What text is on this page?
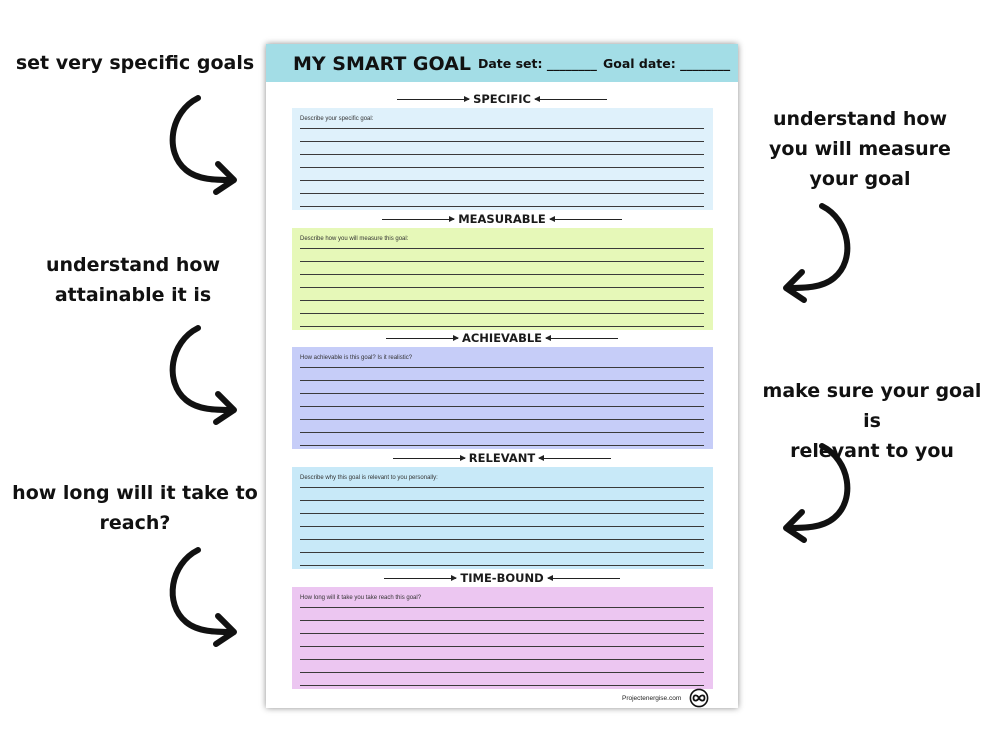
set very specific goals
understand how
you will measure
your goal
understand how
attainable it is
make sure your goal is
relevant to you
how long will it take to
reach?
MY SMART GOAL Date set: ________ Goal date: ________
SPECIFIC
Describe your specific goal:
MEASURABLE
Describe how you will measure this goal:
ACHIEVABLE
How achievable is this goal? Is it realistic?
RELEVANT
Describe why this goal is relevant to you personally:
TIME-BOUND
How long will it take you take reach this goal?
Projectenergise.com
